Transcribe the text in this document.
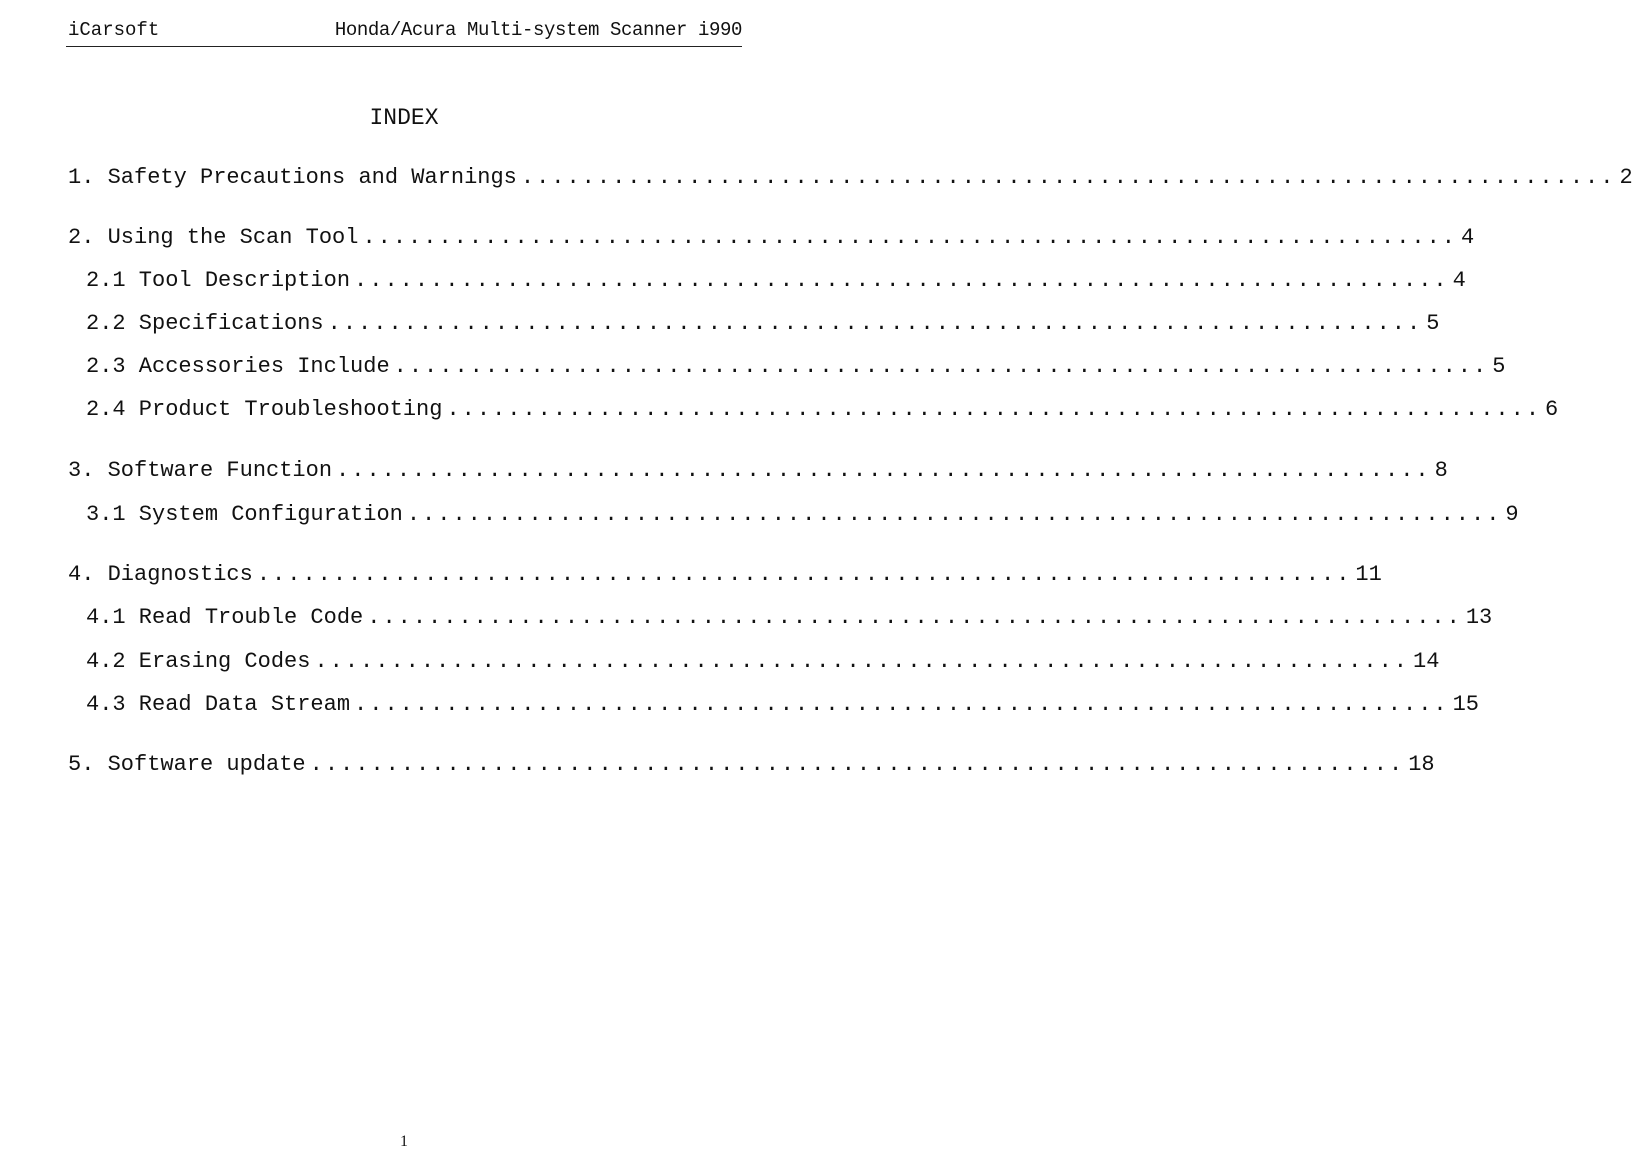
iCarsoft	Honda/Acura Multi-system Scanner i990
INDEX
1. Safety Precautions and Warnings ........................................................................ 2
2. Using the Scan Tool ........................................................................ 4
2.1 Tool Description ........................................................................ 4
2.2 Specifications ........................................................................ 5
2.3 Accessories Include ........................................................................ 5
2.4 Product Troubleshooting ........................................................................ 6
3. Software Function ........................................................................ 8
3.1 System Configuration ........................................................................ 9
4. Diagnostics ........................................................................ 11
4.1 Read Trouble Code ........................................................................ 13
4.2 Erasing Codes ........................................................................ 14
4.3 Read Data Stream ........................................................................ 15
5. Software update ........................................................................ 18
1
